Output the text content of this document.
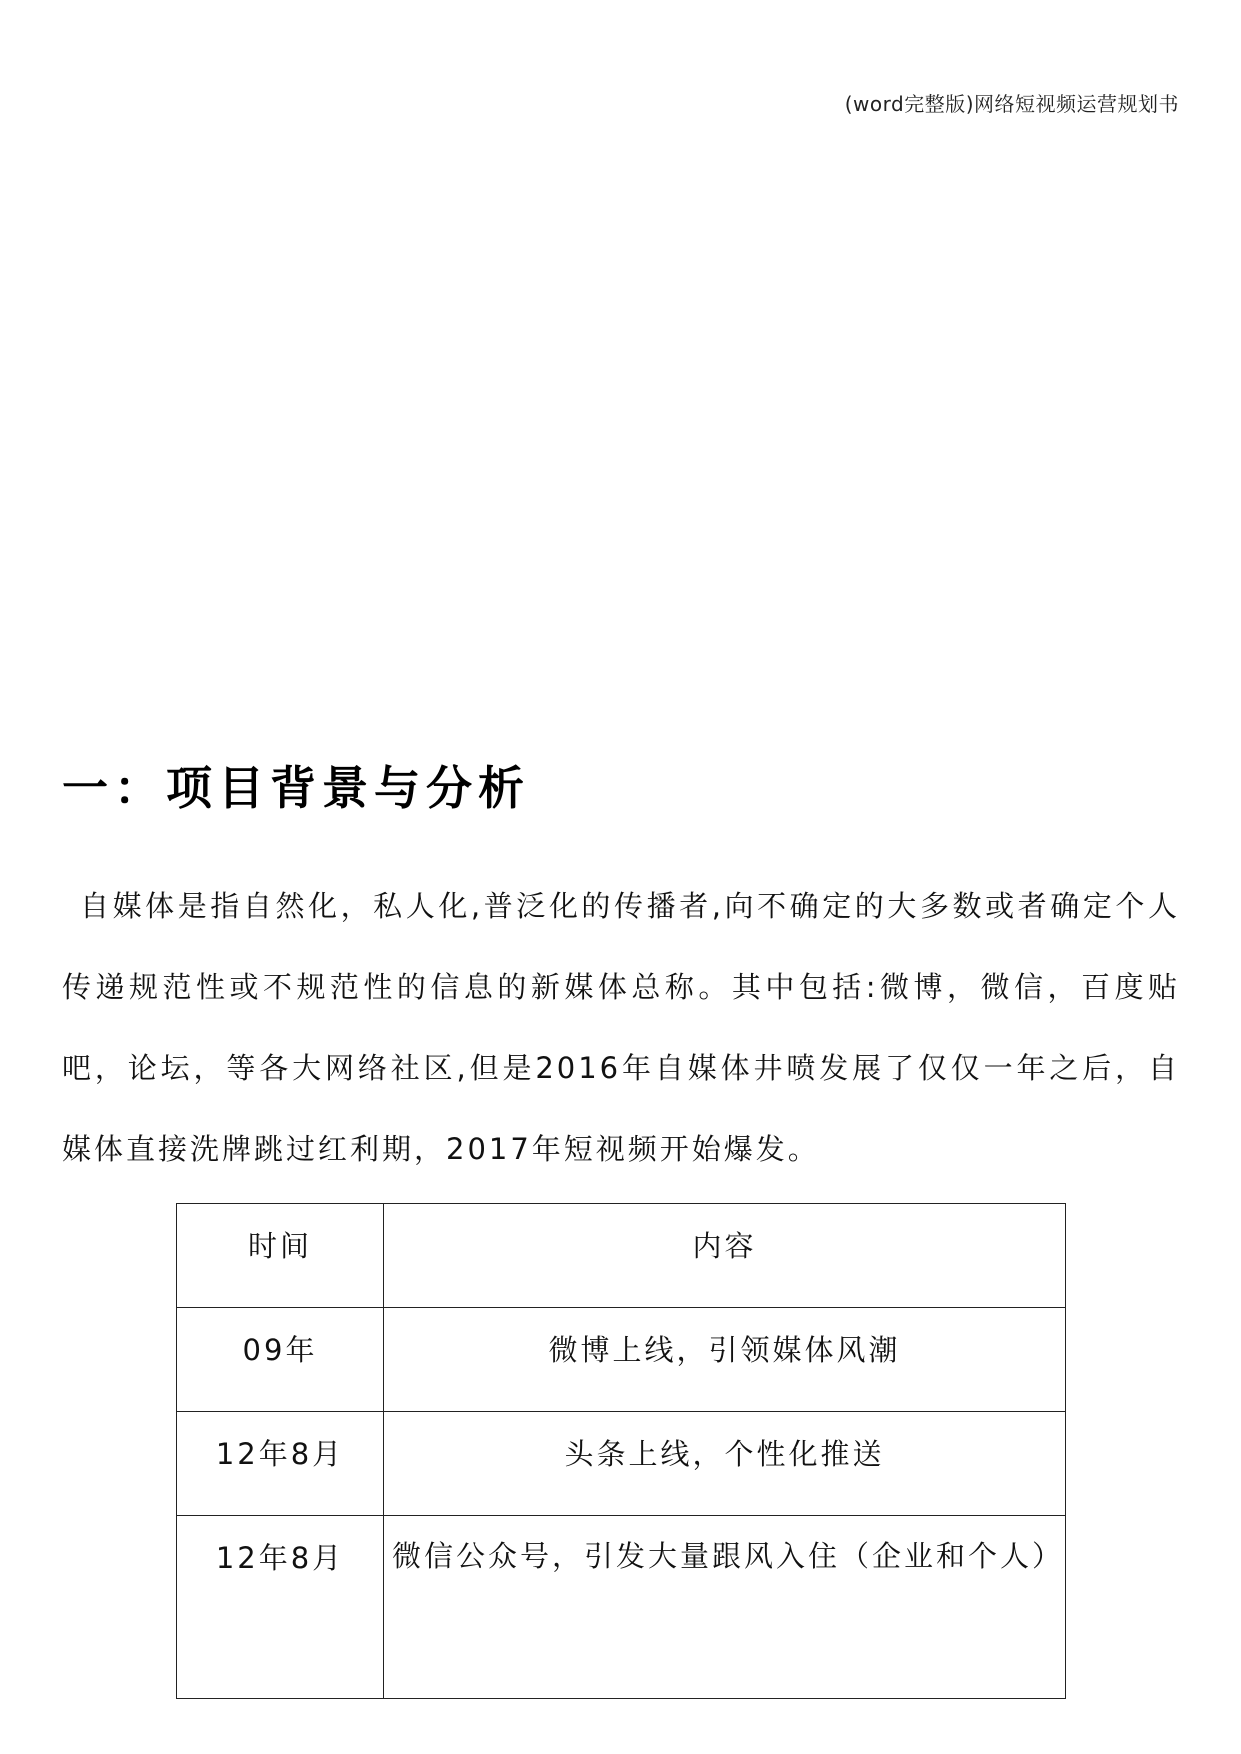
(word完整版)网络短视频运营规划书
一：项目背景与分析

自媒体是指自然化，私人化,普泛化的传播者,向不确定的大多数或者确定个人传递规范性或不规范性的信息的新媒体总称。其中包括:微博，微信，百度贴吧，论坛，等各大网络社区,但是2016年自媒体井喷发展了仅仅一年之后，自媒体直接洗牌跳过红利期，2017年短视频开始爆发。

时间	内容
09年	微博上线，引领媒体风潮
12年8月	头条上线，个性化推送
12年8月	微信公众号，引发大量跟风入住（企业和个人）
